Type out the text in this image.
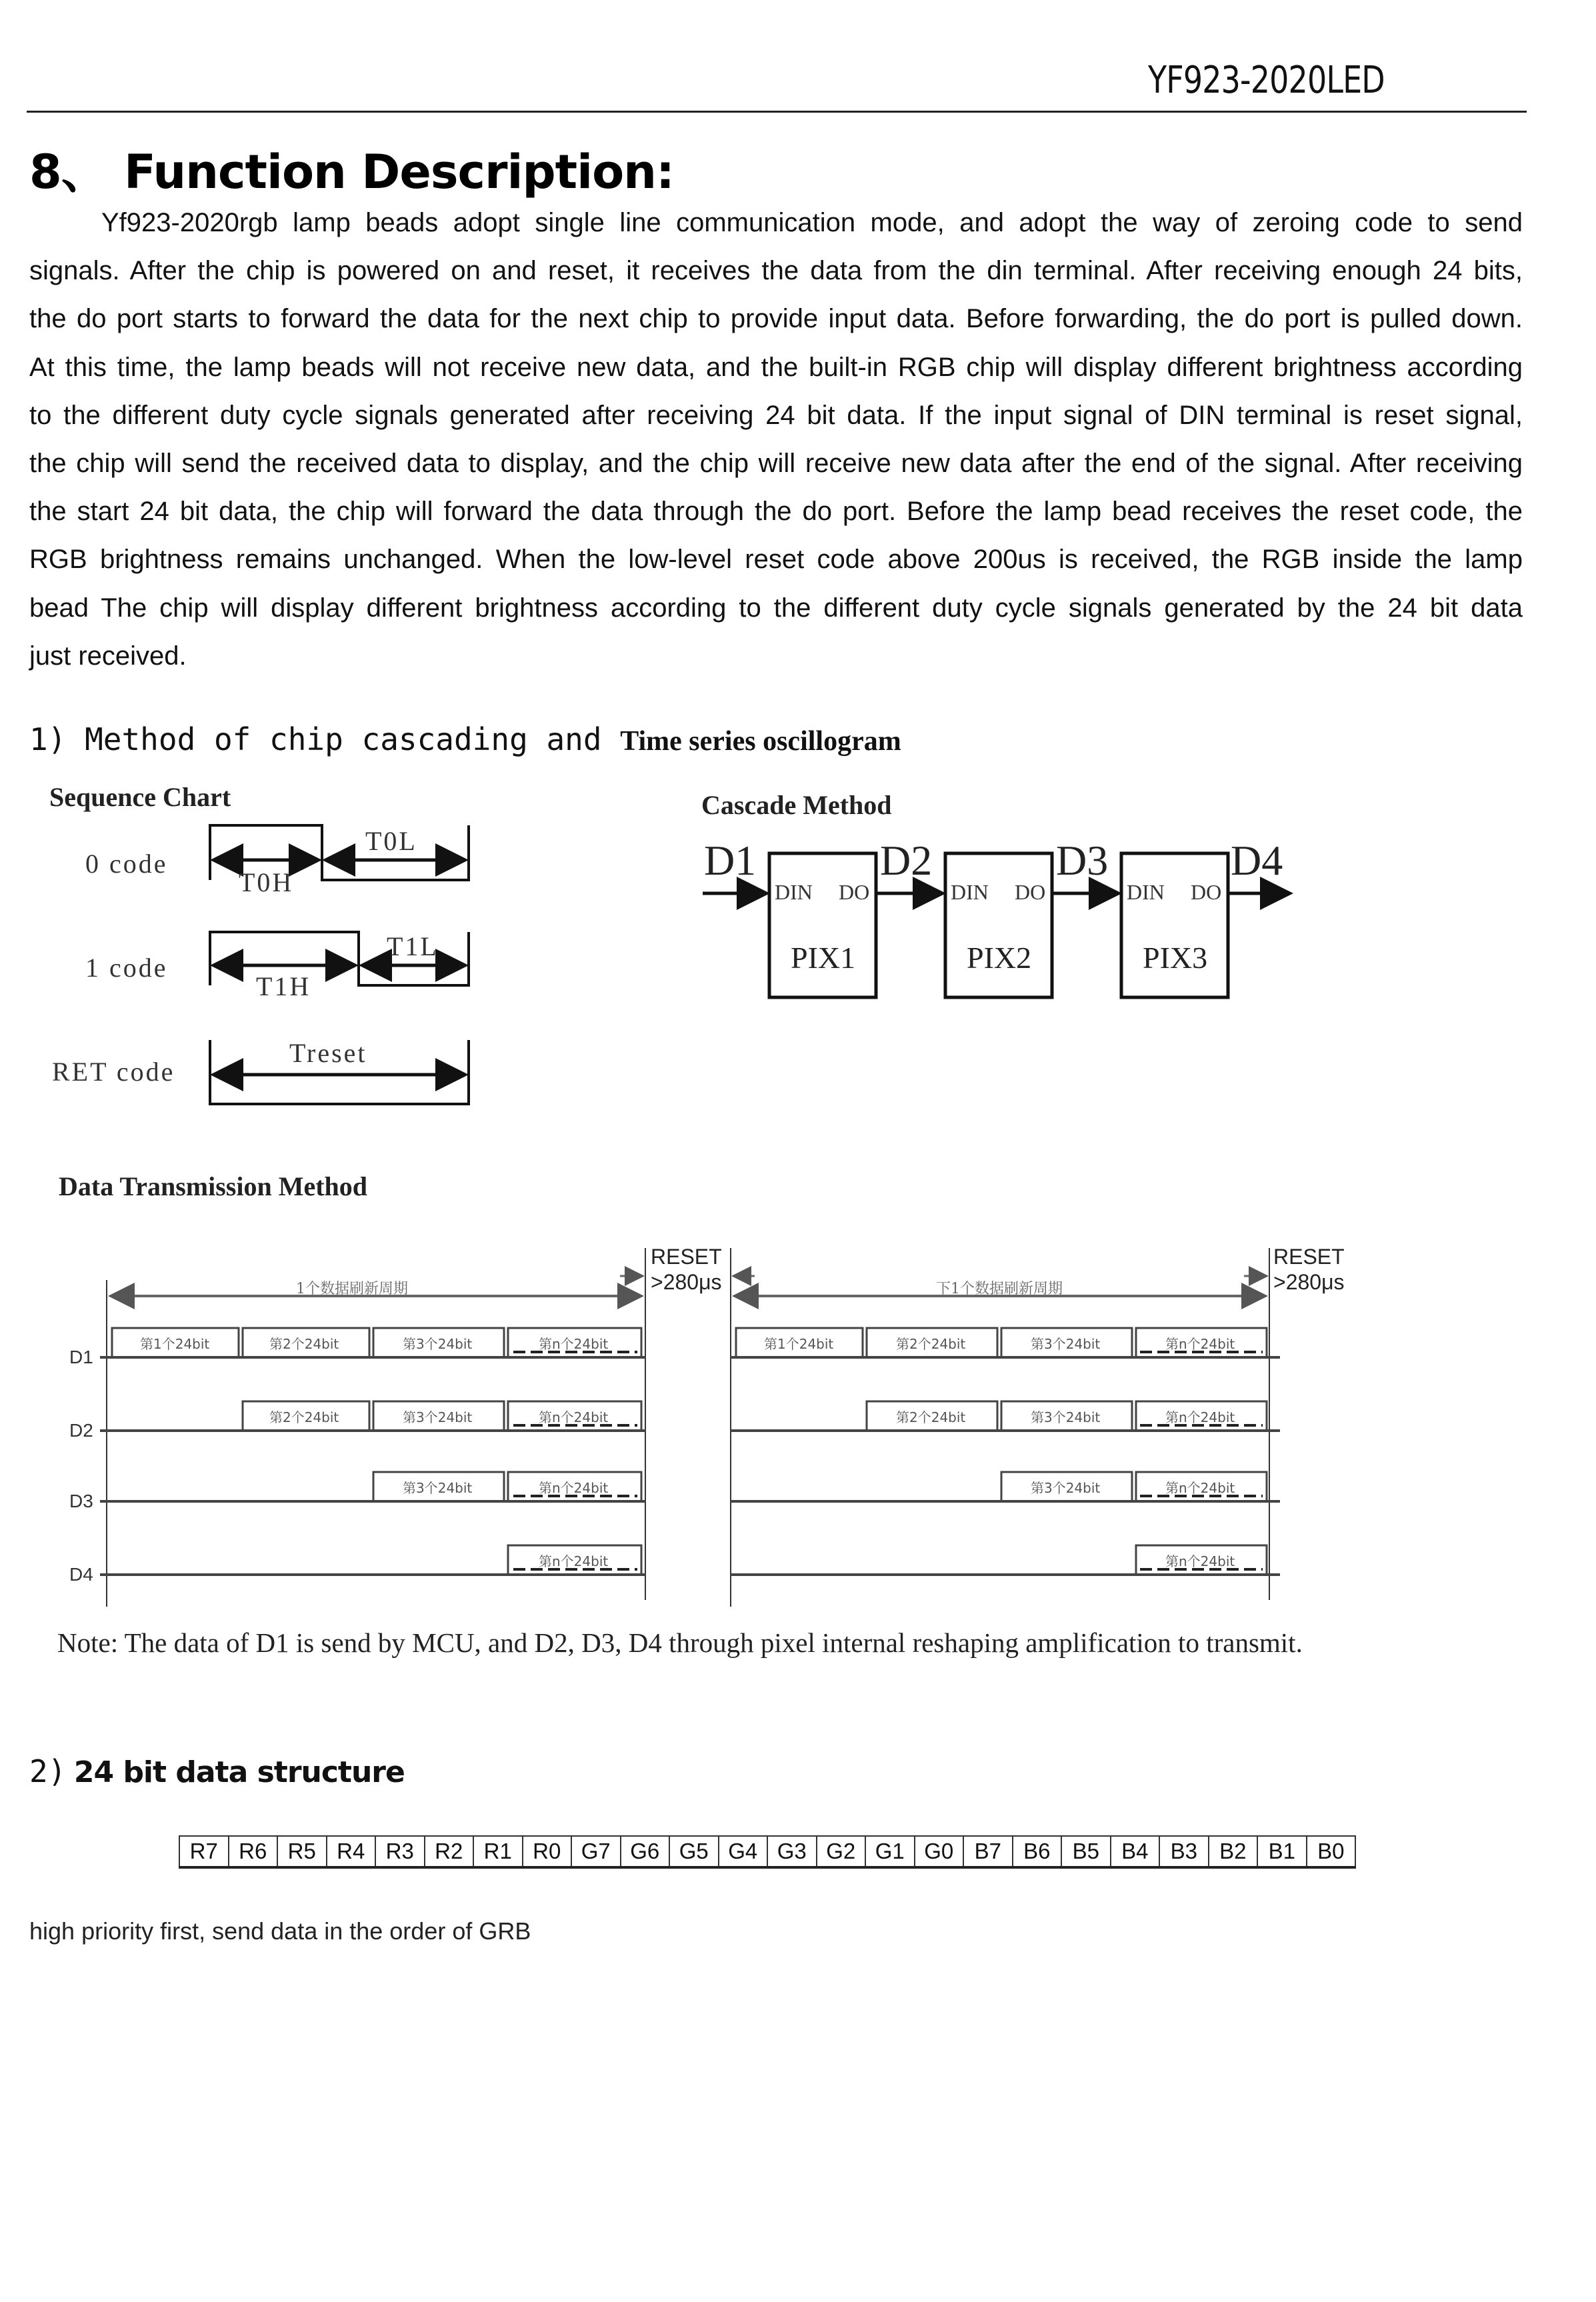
YF923-2020LED
8、 Function Description:
Yf923-2020rgb lamp beads adopt single line communication mode, and adopt the way of zeroing code to send
signals. After the chip is powered on and reset, it receives the data from the din terminal. After receiving enough 24 bits,
the do port starts to forward the data for the next chip to provide input data. Before forwarding, the do port is pulled down.
At this time, the lamp beads will not receive new data, and the built-in RGB chip will display different brightness according
to the different duty cycle signals generated after receiving 24 bit data. If the input signal of DIN terminal is reset signal,
the chip will send the received data to display, and the chip will receive new data after the end of the signal. After receiving
the start 24 bit data, the chip will forward the data through the do port. Before the lamp bead receives the reset code, the
RGB brightness remains unchanged. When the low-level reset code above 200us is received, the RGB inside the lamp
bead The chip will display different brightness according to the different duty cycle signals generated by the 24 bit data
just received.
1) Method of chip cascading and Time series oscillogram
Sequence Chart
0 code
1 code
RET code
T0H
T0L
T1H
T1L
Treset
Cascade Method
D1	D2	D3	D4
DIN DO
PIX1
DIN DO
PIX2
DIN DO
PIX3
Data Transmission Method
1个数据刷新周期	下1个数据刷新周期
RESET
>280μs
RESET
>280μs
D1
D2
D3
D4
第1个24bit	第2个24bit	第3个24bit	第n个24bit
第2个24bit	第3个24bit	第n个24bit
第3个24bit	第n个24bit
第n个24bit
第1个24bit	第2个24bit	第3个24bit	第n个24bit
第2个24bit	第3个24bit	第n个24bit
第3个24bit	第n个24bit
第n个24bit
Note: The data of D1 is send by MCU, and D2, D3, D4 through pixel internal reshaping amplification to transmit.
2) 24 bit data structure
R7	R6	R5	R4	R3	R2	R1	R0	G7	G6	G5	G4	G3	G2	G1	G0	B7	B6	B5	B4	B3	B2	B1	B0
high priority first, send data in the order of GRB
